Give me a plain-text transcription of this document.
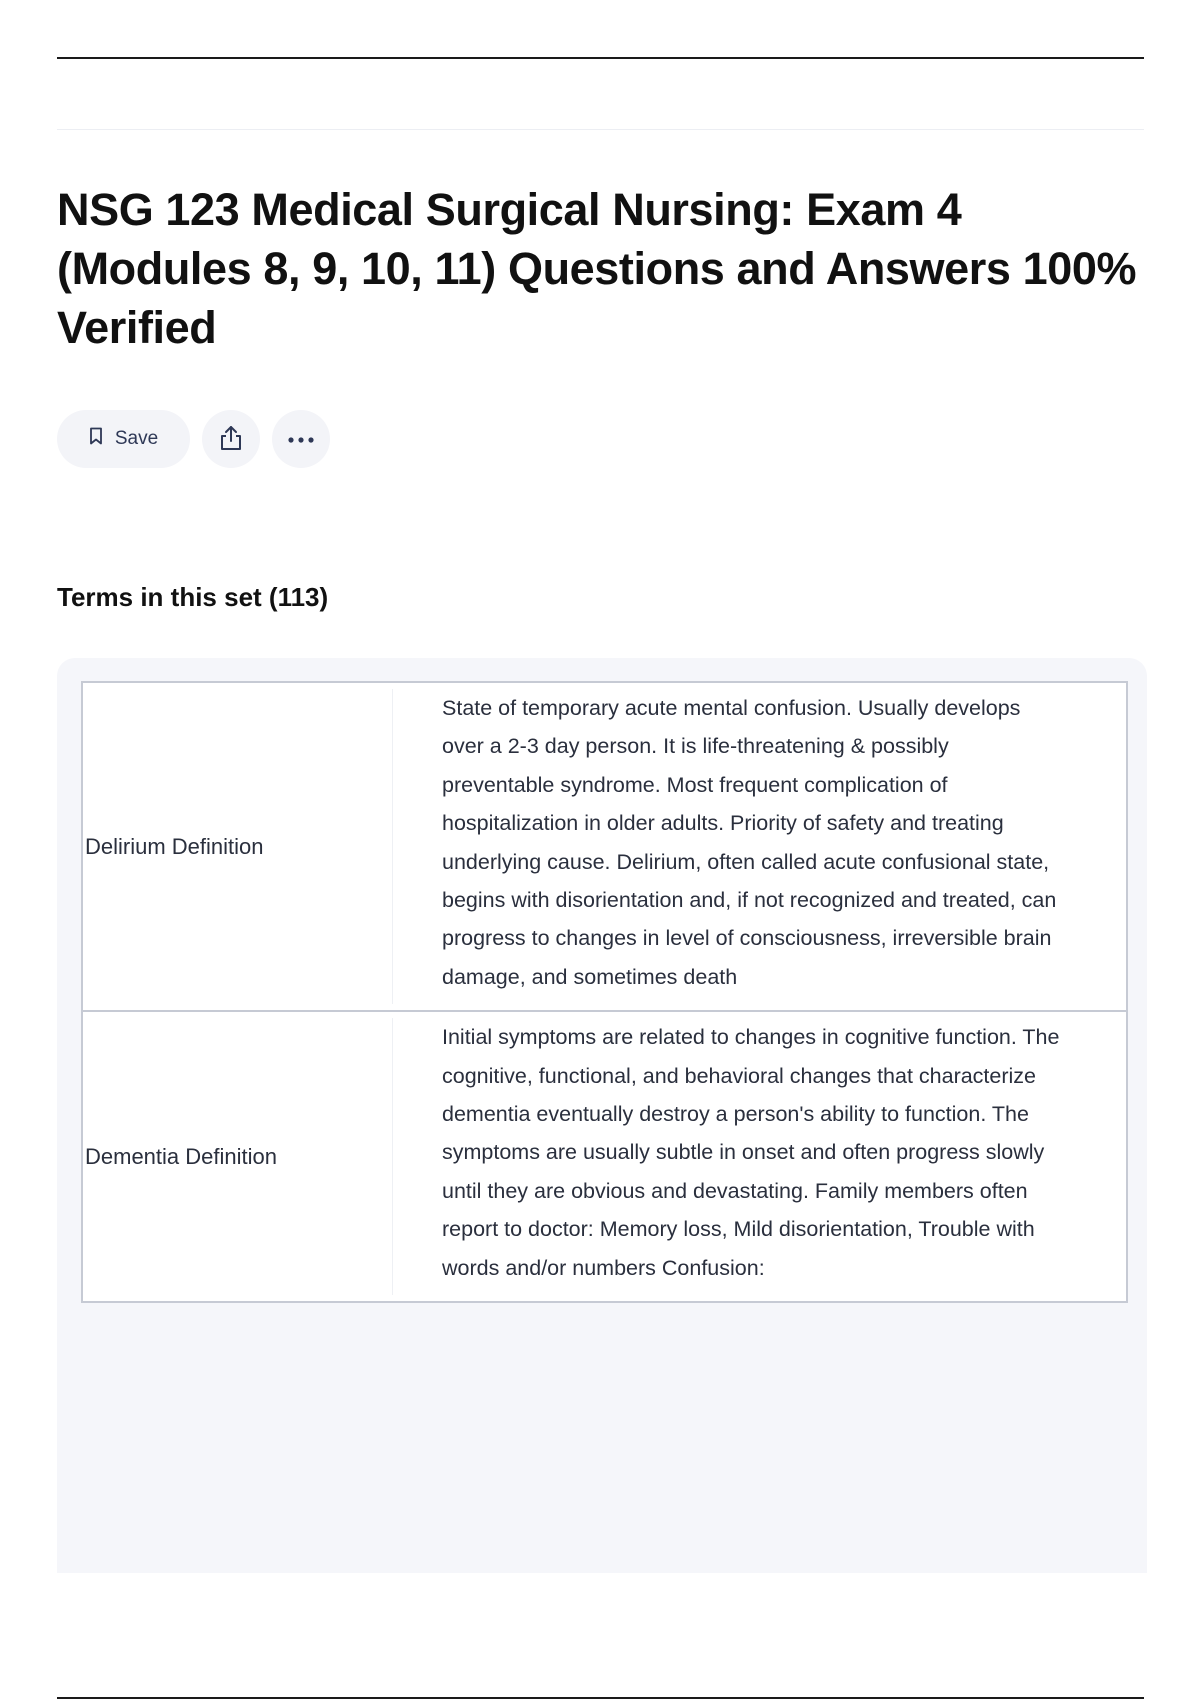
NSG 123 Medical Surgical Nursing: Exam 4 (Modules 8, 9, 10, 11) Questions and Answers 100% Verified
Save
Terms in this set (113)
Delirium Definition
State of temporary acute mental confusion. Usually develops over a 2-3 day person. It is life-threatening & possibly preventable syndrome. Most frequent complication of hospitalization in older adults. Priority of safety and treating underlying cause. Delirium, often called acute confusional state, begins with disorientation and, if not recognized and treated, can progress to changes in level of consciousness, irreversible brain damage, and sometimes death
Dementia Definition
Initial symptoms are related to changes in cognitive function. The cognitive, functional, and behavioral changes that characterize dementia eventually destroy a person's ability to function. The symptoms are usually subtle in onset and often progress slowly until they are obvious and devastating. Family members often report to doctor: Memory loss, Mild disorientation, Trouble with words and/or numbers Confusion:
